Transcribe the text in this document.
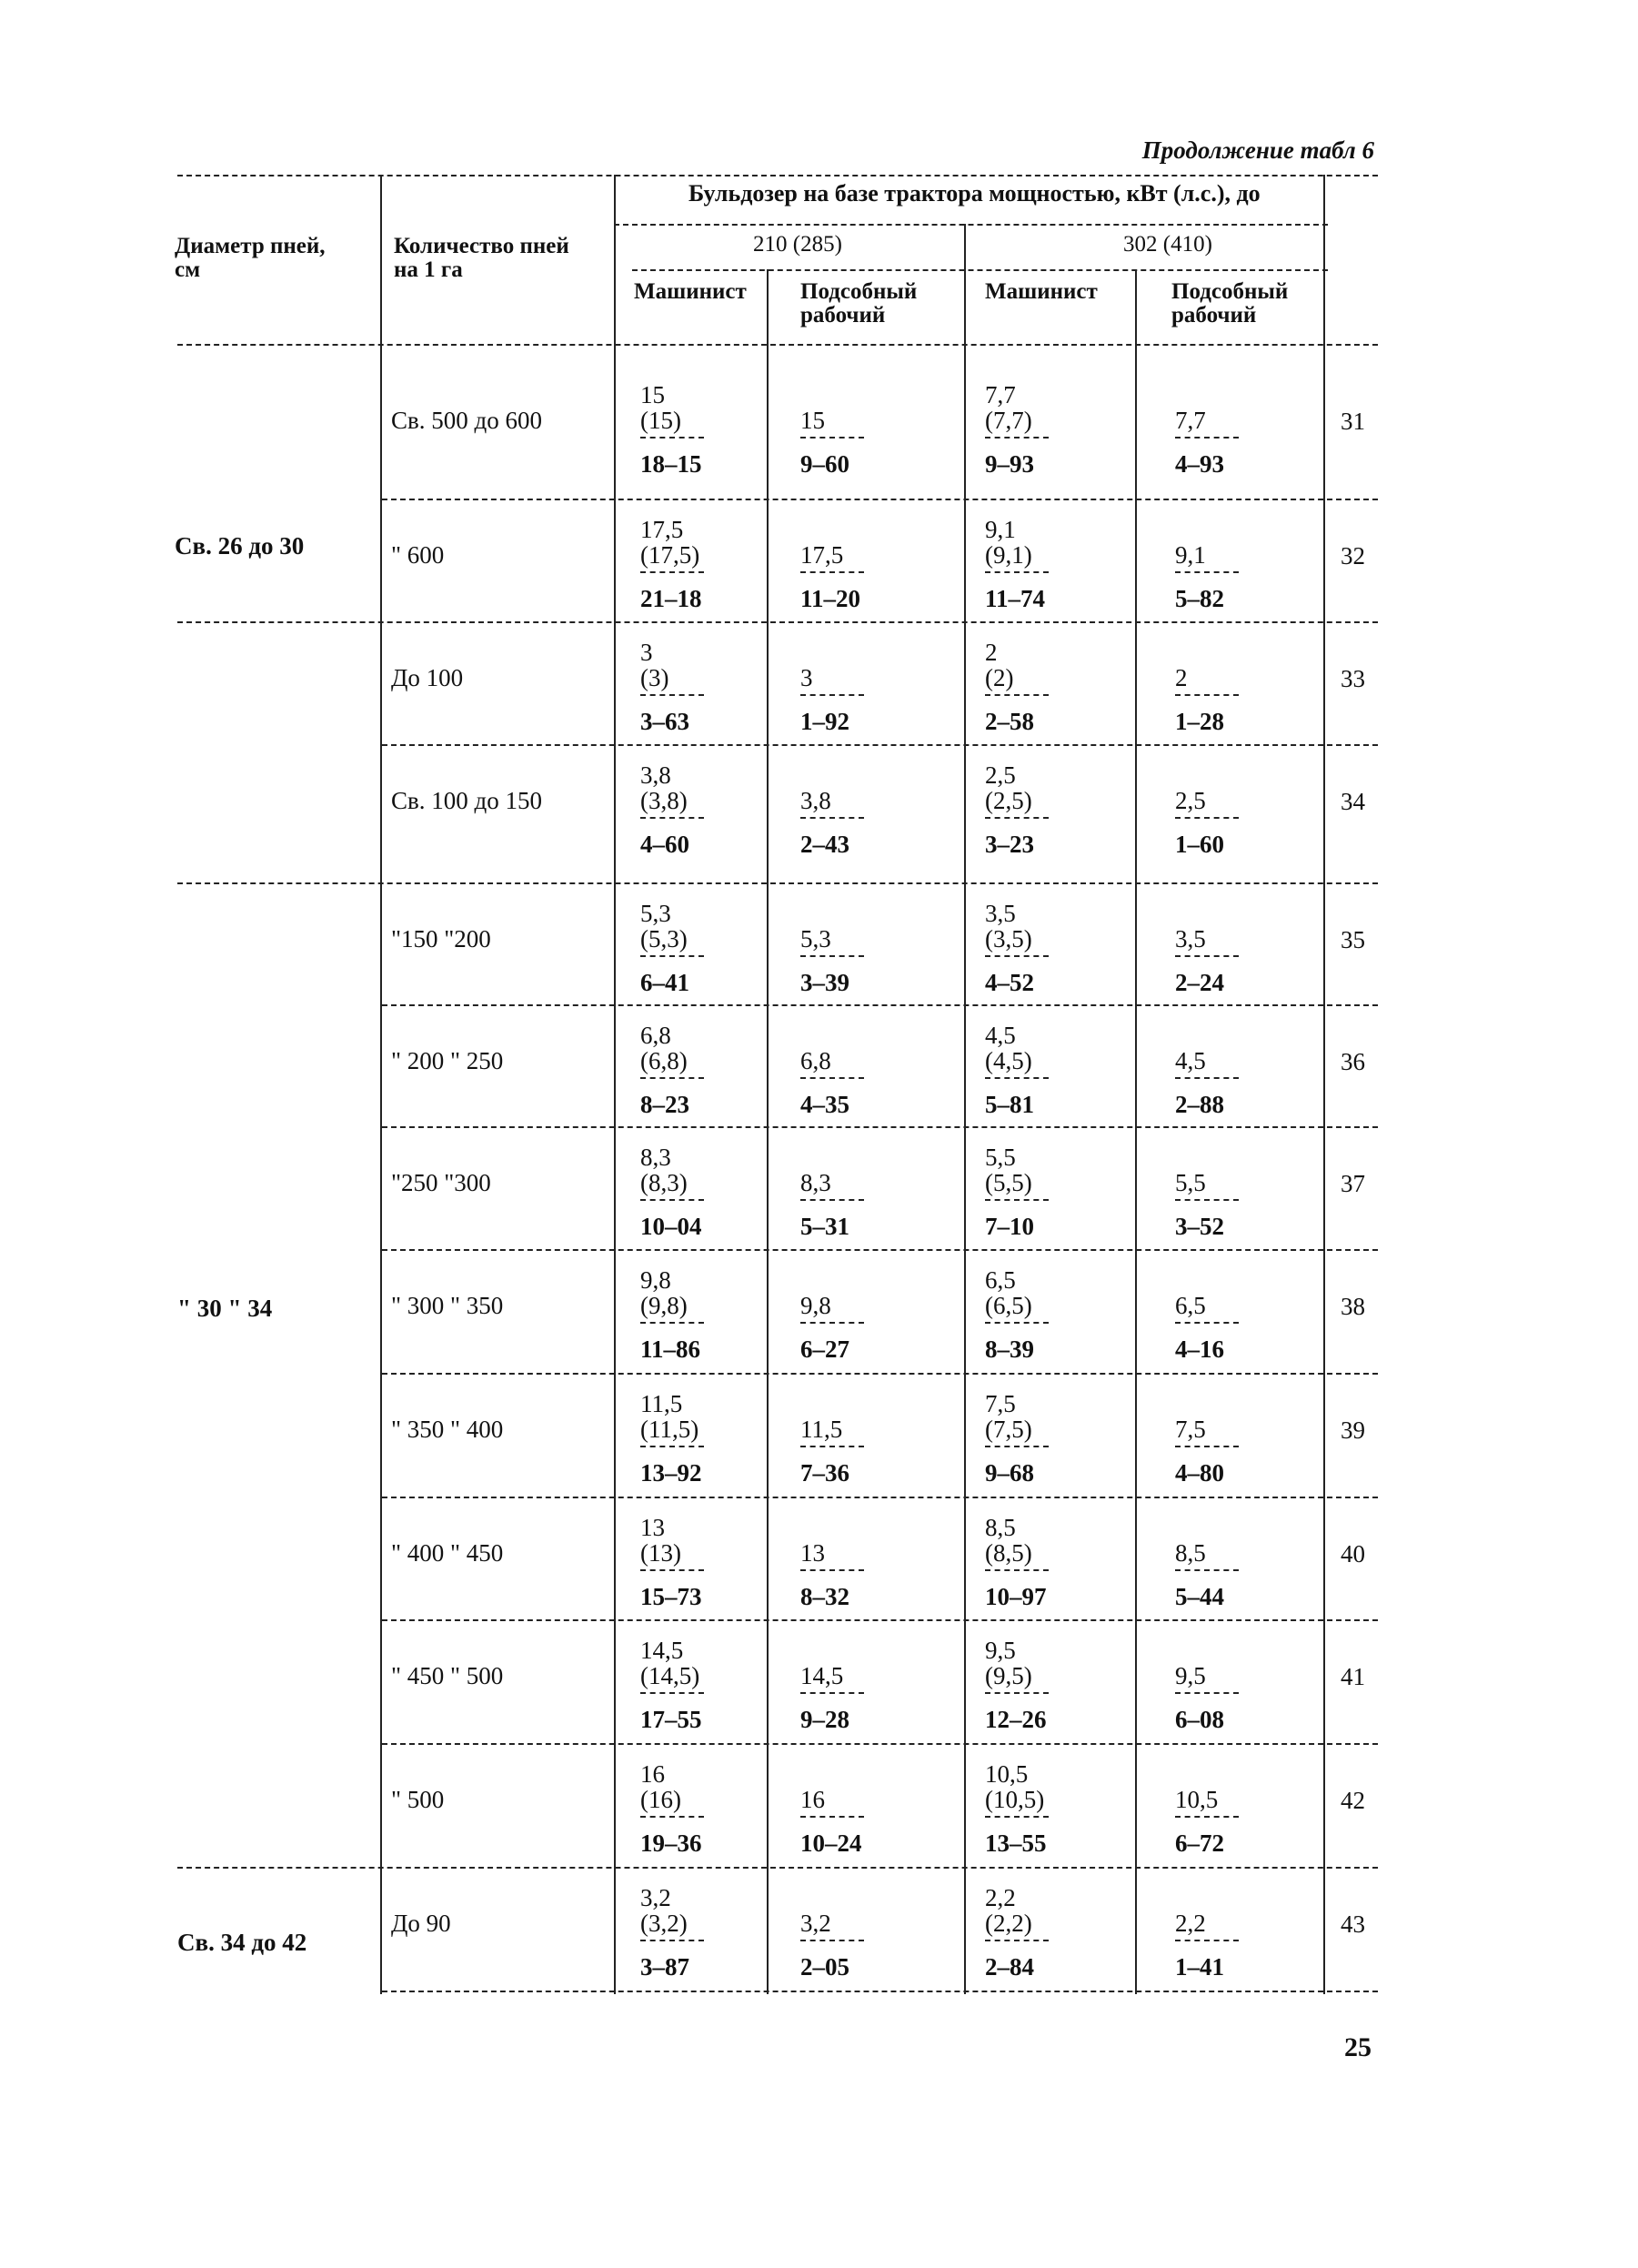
Продолжение табл 6
Диаметр пней,
см
Количество пней
на 1 га
Бульдозер на базе трактора мощностью, кВт (л.с.), до
210 (285)	302 (410)
Машинист Подсобный
рабочий
Машинист	Подсобный
рабочий
Св. 26 до 30
" 30 " 34
Св. 34 до 42
Св. 500 до 600
15
(15)
18–15
15
9–60
7,7
(7,7)
9–93
7,7
4–93
31
" 600
17,5
(17,5)
21–18
17,5
11–20
9,1
(9,1)
11–74
9,1
5–82
32
До 100
3
(3)
3–63
3
1–92
2
(2)
2–58
2
1–28
33
Св. 100 до 150
3,8
(3,8)
4–60
3,8
2–43
2,5
(2,5)
3–23
2,5
1–60
34
"150 "200
5,3
(5,3)
6–41
5,3
3–39
3,5
(3,5)
4–52
3,5
2–24
35
" 200 " 250
6,8
(6,8)
8–23
6,8
4–35
4,5
(4,5)
5–81
4,5
2–88
36
"250 "300
8,3
(8,3)
10–04
8,3
5–31
5,5
(5,5)
7–10
5,5
3–52
37
" 300 " 350
9,8
(9,8)
11–86
9,8
6–27
6,5
(6,5)
8–39
6,5
4–16
38
" 350 " 400
11,5
(11,5)
13–92
11,5
7–36
7,5
(7,5)
9–68
7,5
4–80
39
" 400 " 450
13
(13)
15–73
13
8–32
8,5
(8,5)
10–97
8,5
5–44
40
" 450 " 500
14,5
(14,5)
17–55
14,5
9–28
9,5
(9,5)
12–26
9,5
6–08
41
" 500
16
(16)
19–36
16
10–24
10,5
(10,5)
13–55
10,5
6–72
42
До 90
3,2
(3,2)
3–87
3,2
2–05
2,2
(2,2)
2–84
2,2
1–41
43
25
